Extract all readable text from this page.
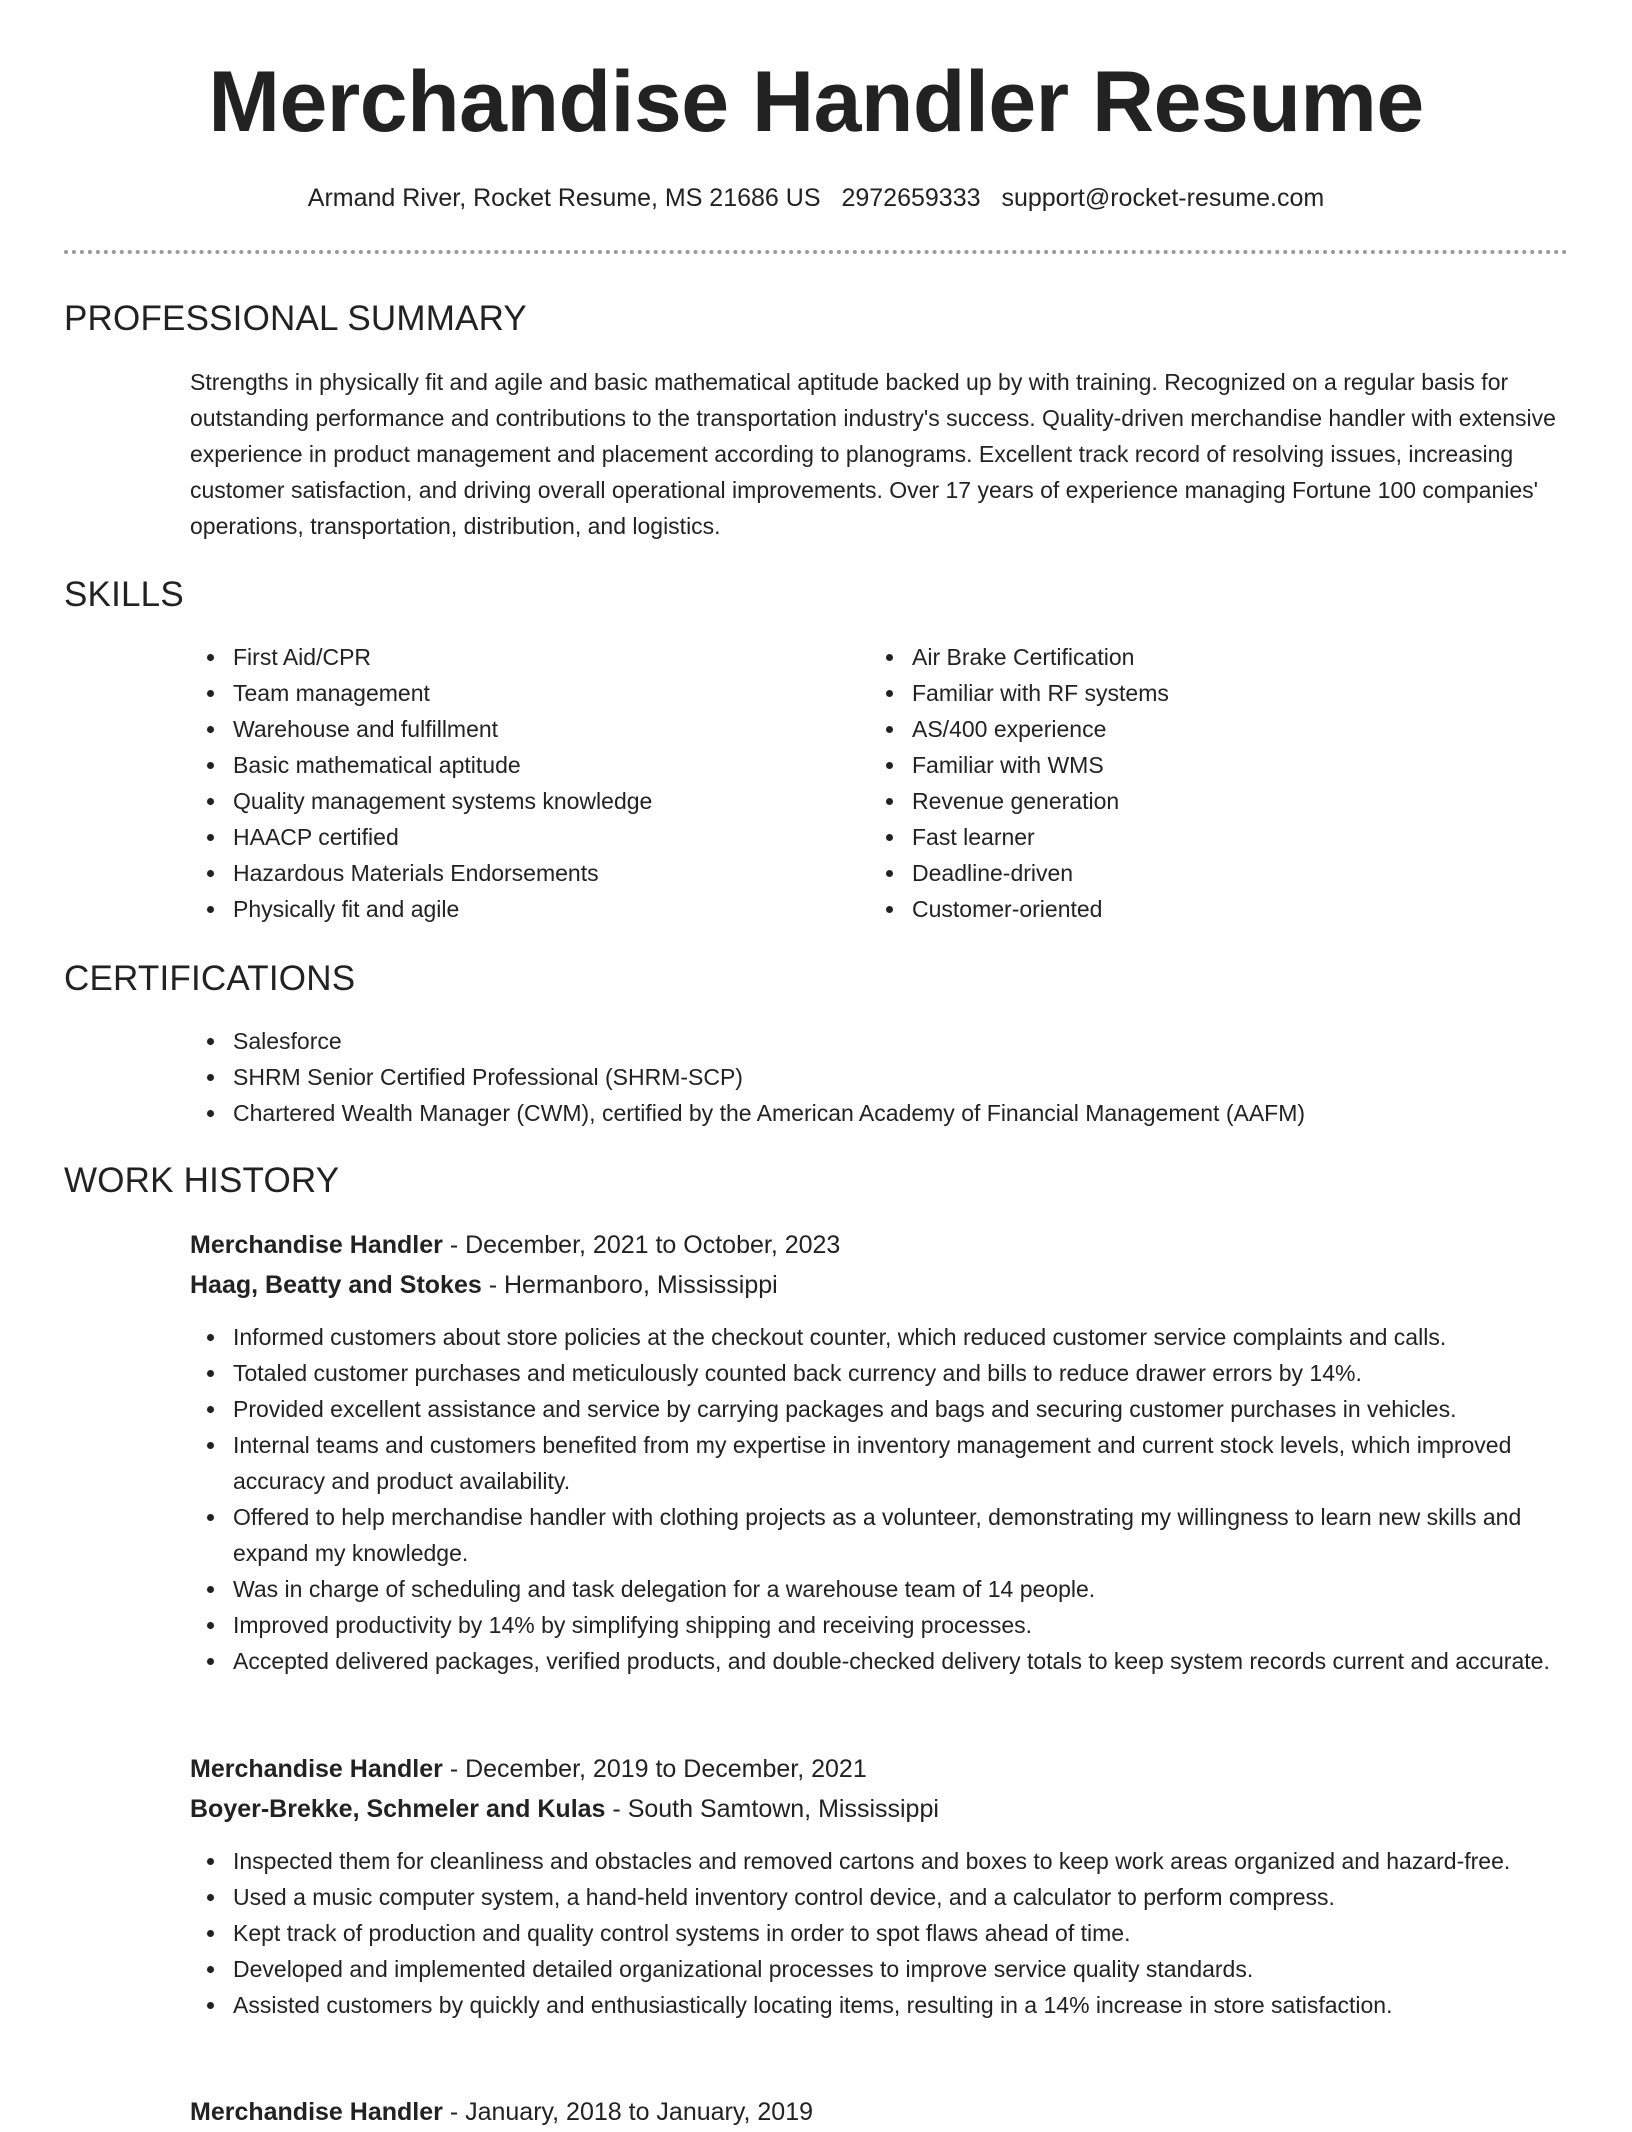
Merchandise Handler Resume
Armand River, Rocket Resume, MS 21686 US 2972659333 support@rocket-resume.com
PROFESSIONAL SUMMARY

Strengths in physically fit and agile and basic mathematical aptitude backed up by with training. Recognized on a regular basis for outstanding performance and contributions to the transportation industry's success. Quality-driven merchandise handler with extensive experience in product management and placement according to planograms. Excellent track record of resolving issues, increasing customer satisfaction, and driving overall operational improvements. Over 17 years of experience managing Fortune 100 companies' operations, transportation, distribution, and logistics.

SKILLS
First Aid/CPR
Team management
Warehouse and fulfillment
Basic mathematical aptitude
Quality management systems knowledge
HAACP certified
Hazardous Materials Endorsements
Physically fit and agile
Air Brake Certification
Familiar with RF systems
AS/400 experience
Familiar with WMS
Revenue generation
Fast learner
Deadline-driven
Customer-oriented
CERTIFICATIONS
Salesforce
SHRM Senior Certified Professional (SHRM-SCP)
Chartered Wealth Manager (CWM), certified by the American Academy of Financial Management (AAFM)
WORK HISTORY
Merchandise Handler - December, 2021 to October, 2023
Haag, Beatty and Stokes - Hermanboro, Mississippi
Informed customers about store policies at the checkout counter, which reduced customer service complaints and calls.
Totaled customer purchases and meticulously counted back currency and bills to reduce drawer errors by 14%.
Provided excellent assistance and service by carrying packages and bags and securing customer purchases in vehicles.
Internal teams and customers benefited from my expertise in inventory management and current stock levels, which improved accuracy and product availability.
Offered to help merchandise handler with clothing projects as a volunteer, demonstrating my willingness to learn new skills and expand my knowledge.
Was in charge of scheduling and task delegation for a warehouse team of 14 people.
Improved productivity by 14% by simplifying shipping and receiving processes.
Accepted delivered packages, verified products, and double-checked delivery totals to keep system records current and accurate.
Merchandise Handler - December, 2019 to December, 2021
Boyer-Brekke, Schmeler and Kulas - South Samtown, Mississippi
Inspected them for cleanliness and obstacles and removed cartons and boxes to keep work areas organized and hazard-free.
Used a music computer system, a hand-held inventory control device, and a calculator to perform compress.
Kept track of production and quality control systems in order to spot flaws ahead of time.
Developed and implemented detailed organizational processes to improve service quality standards.
Assisted customers by quickly and enthusiastically locating items, resulting in a 14% increase in store satisfaction.
Merchandise Handler - January, 2018 to January, 2019
